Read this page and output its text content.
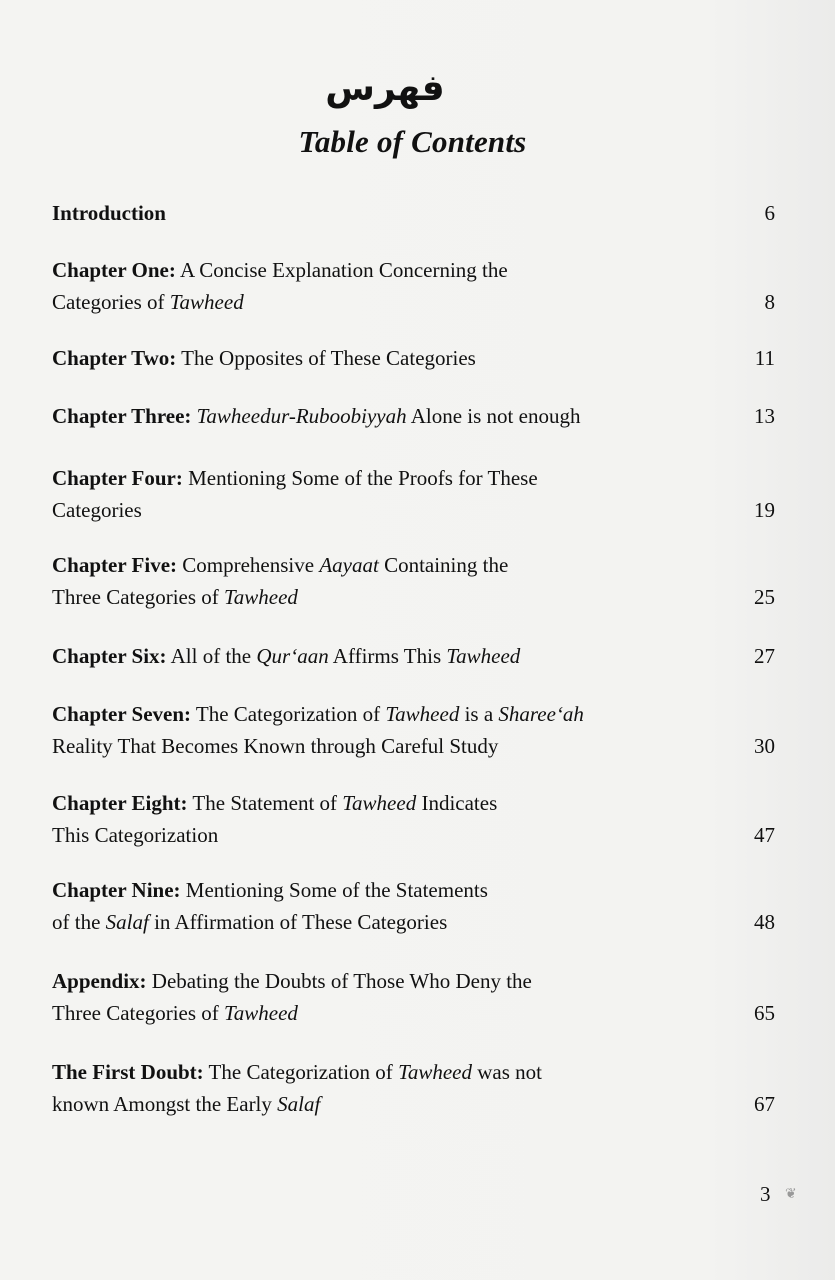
فهرس
Table of Contents
Introduction	6
Chapter One: A Concise Explanation Concerning the
Categories of Tawheed	8
Chapter Two: The Opposites of These Categories	11
Chapter Three: Tawheedur-Ruboobiyyah Alone is not enough	13
Chapter Four: Mentioning Some of the Proofs for These
Categories	19
Chapter Five: Comprehensive Aayaat Containing the
Three Categories of Tawheed	25
Chapter Six: All of the Qur‘aan Affirms This Tawheed	27
Chapter Seven: The Categorization of Tawheed is a Sharee‘ah
Reality That Becomes Known through Careful Study	30
Chapter Eight: The Statement of Tawheed Indicates
This Categorization	47
Chapter Nine: Mentioning Some of the Statements
of the Salaf in Affirmation of These Categories	48
Appendix: Debating the Doubts of Those Who Deny the
Three Categories of Tawheed	65
The First Doubt: The Categorization of Tawheed was not
known Amongst the Early Salaf	67
3 ❦
